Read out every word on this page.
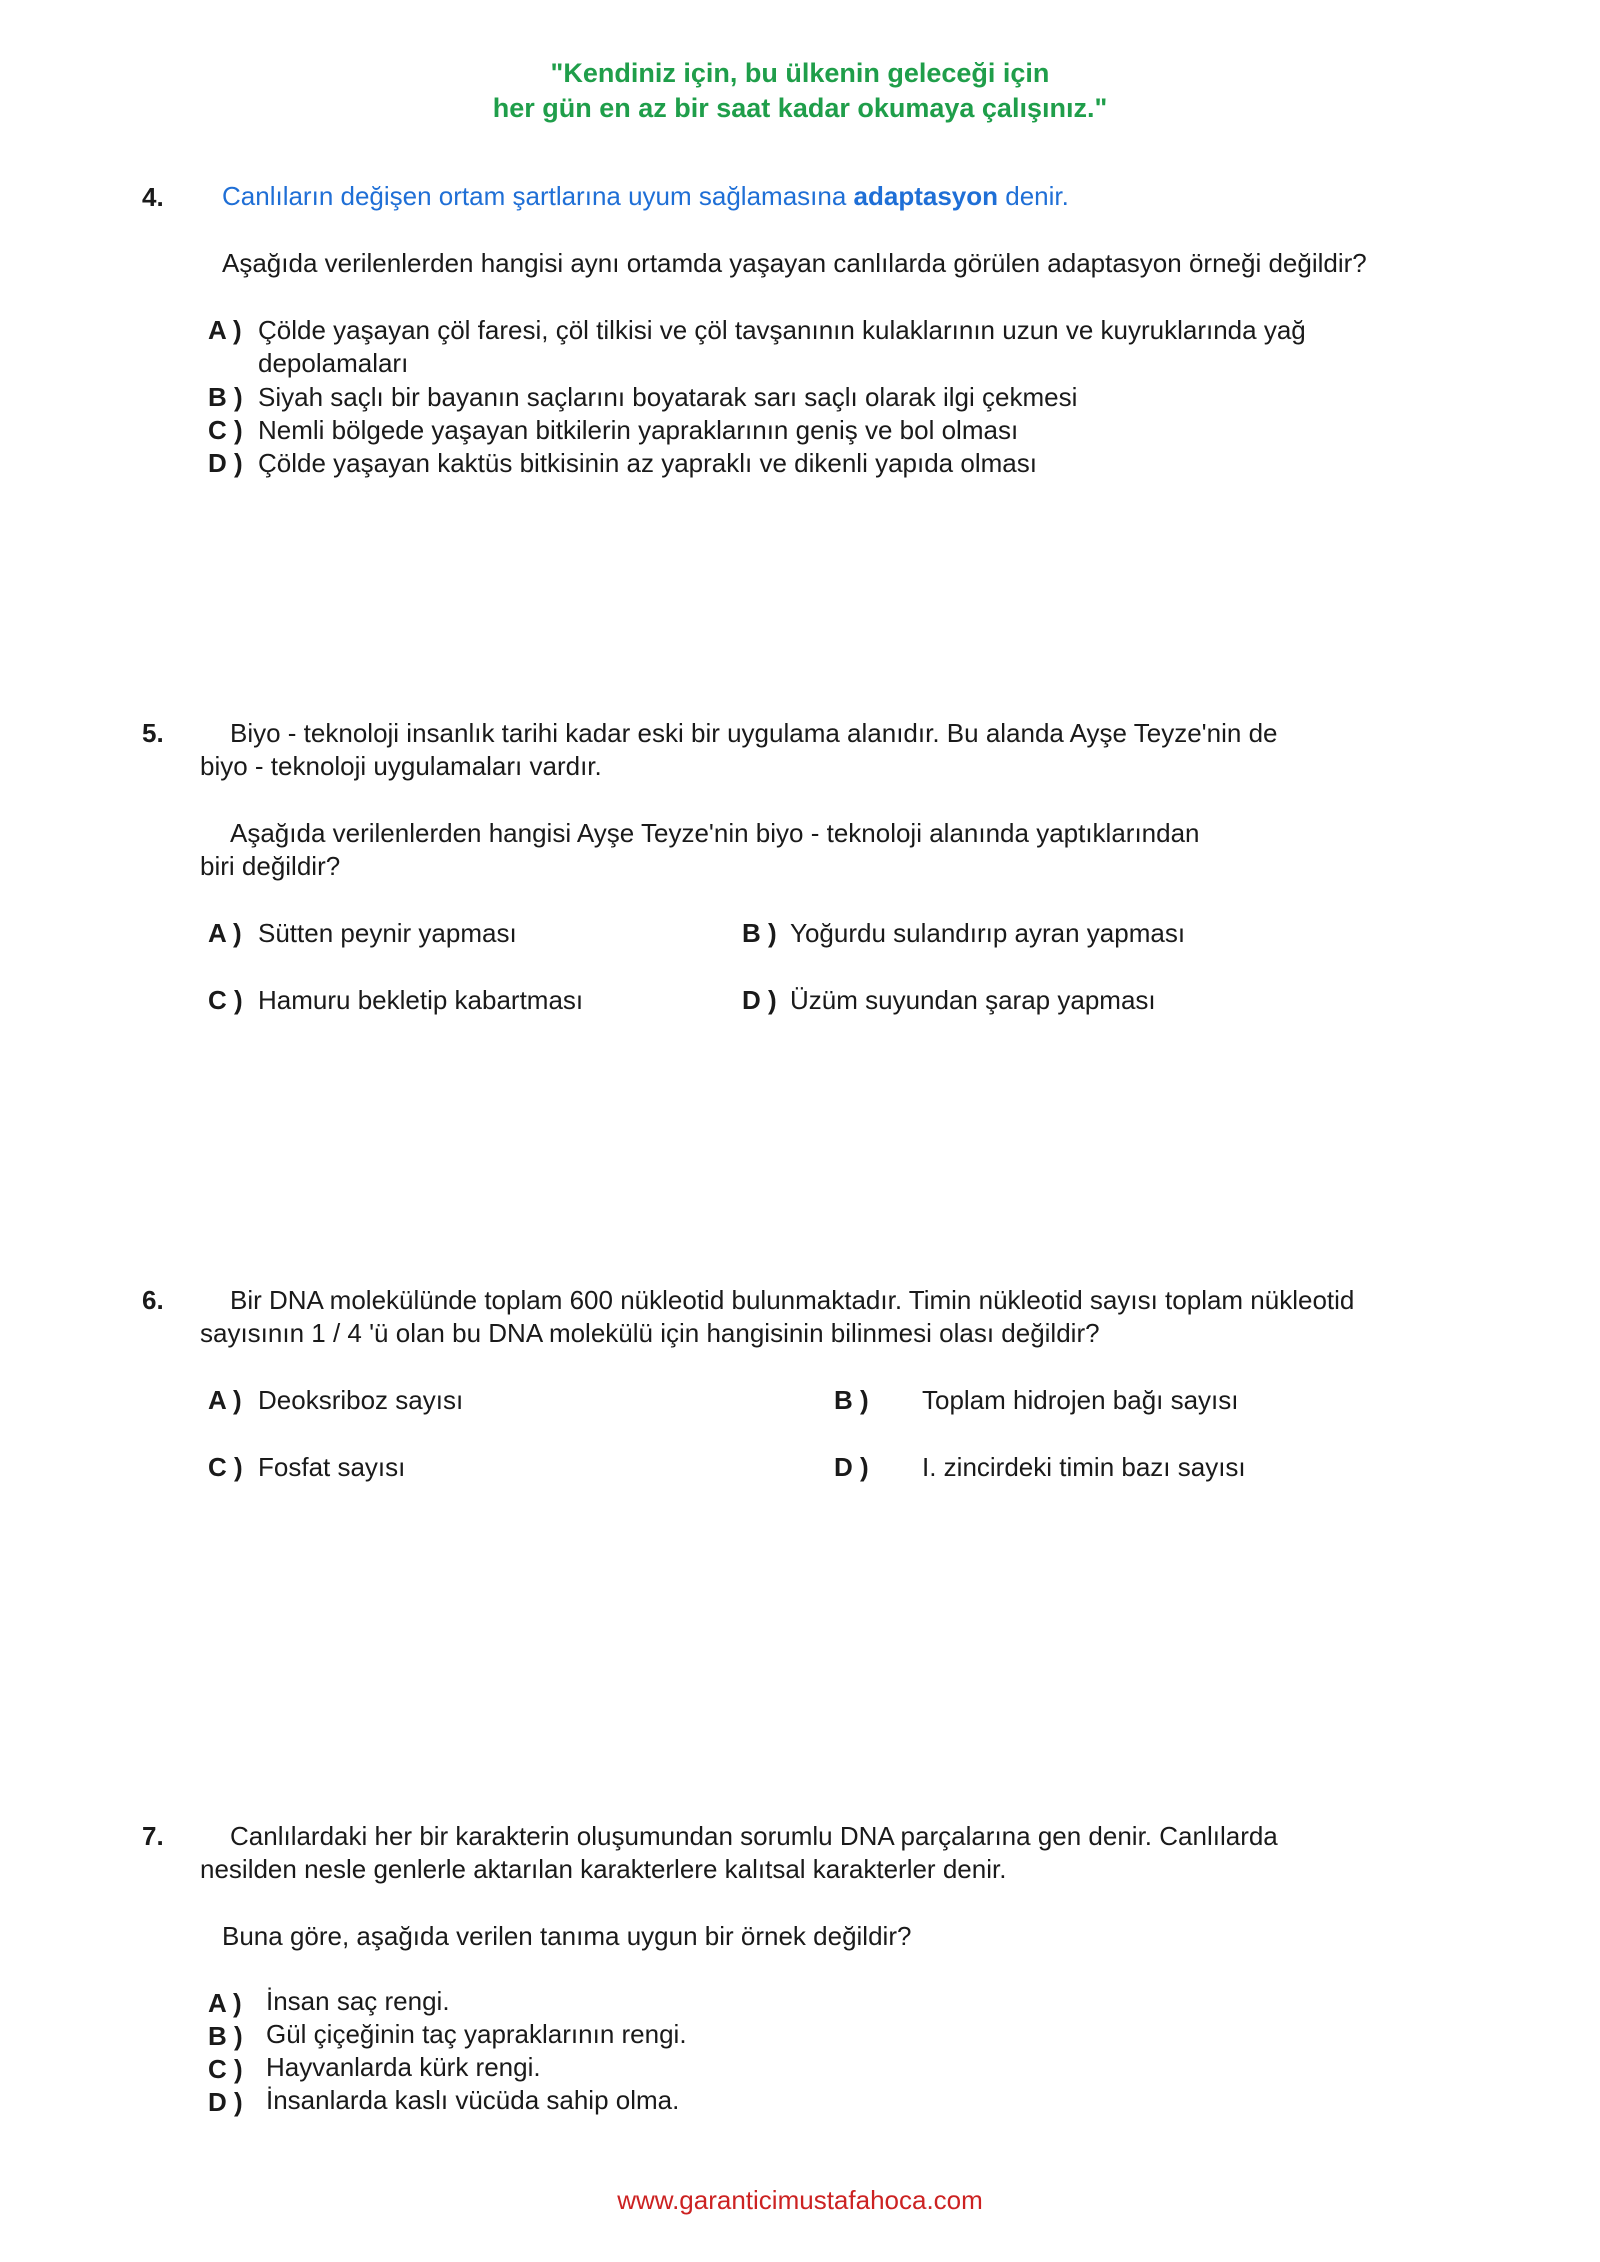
"Kendiniz için, bu ülkenin geleceği için
her gün en az bir saat kadar okumaya çalışınız."
4. Canlıların değişen ortam şartlarına uyum sağlamasına adaptasyon denir.
Aşağıda verilenlerden hangisi aynı ortamda yaşayan canlılarda görülen adaptasyon örneği değildir?
A ) Çölde yaşayan çöl faresi, çöl tilkisi ve çöl tavşanının kulaklarının uzun ve kuyruklarında yağ
depolamaları
B ) Siyah saçlı bir bayanın saçlarını boyatarak sarı saçlı olarak ilgi çekmesi
C ) Nemli bölgede yaşayan bitkilerin yapraklarının geniş ve bol olması
D ) Çölde yaşayan kaktüs bitkisinin az yapraklı ve dikenli yapıda olması
5.	Biyo - teknoloji insanlık tarihi kadar eski bir uygulama alanıdır. Bu alanda Ayşe Teyze'nin de
biyo - teknoloji uygulamaları vardır.
Aşağıda verilenlerden hangisi Ayşe Teyze'nin biyo - teknoloji alanında yaptıklarından
biri değildir?
A ) Sütten peynir yapması	B ) Yoğurdu sulandırıp ayran yapması
C ) Hamuru bekletip kabartması	D ) Üzüm suyundan şarap yapması
6.	Bir DNA molekülünde toplam 600 nükleotid bulunmaktadır. Timin nükleotid sayısı toplam nükleotid
sayısının 1 / 4 'ü olan bu DNA molekülü için hangisinin bilinmesi olası değildir?
A ) Deoksriboz sayısı	B ) Toplam hidrojen bağı sayısı
C ) Fosfat sayısı	D ) I. zincirdeki timin bazı sayısı
7.	Canlılardaki her bir karakterin oluşumundan sorumlu DNA parçalarına gen denir. Canlılarda
nesilden nesle genlerle aktarılan karakterlere kalıtsal karakterler denir.
Buna göre, aşağıda verilen tanıma uygun bir örnek değildir?
A ) İnsan saç rengi.
B ) Gül çiçeğinin taç yapraklarının rengi.
C ) Hayvanlarda kürk rengi.
D ) İnsanlarda kaslı vücüda sahip olma.
www.garanticimustafahoca.com
